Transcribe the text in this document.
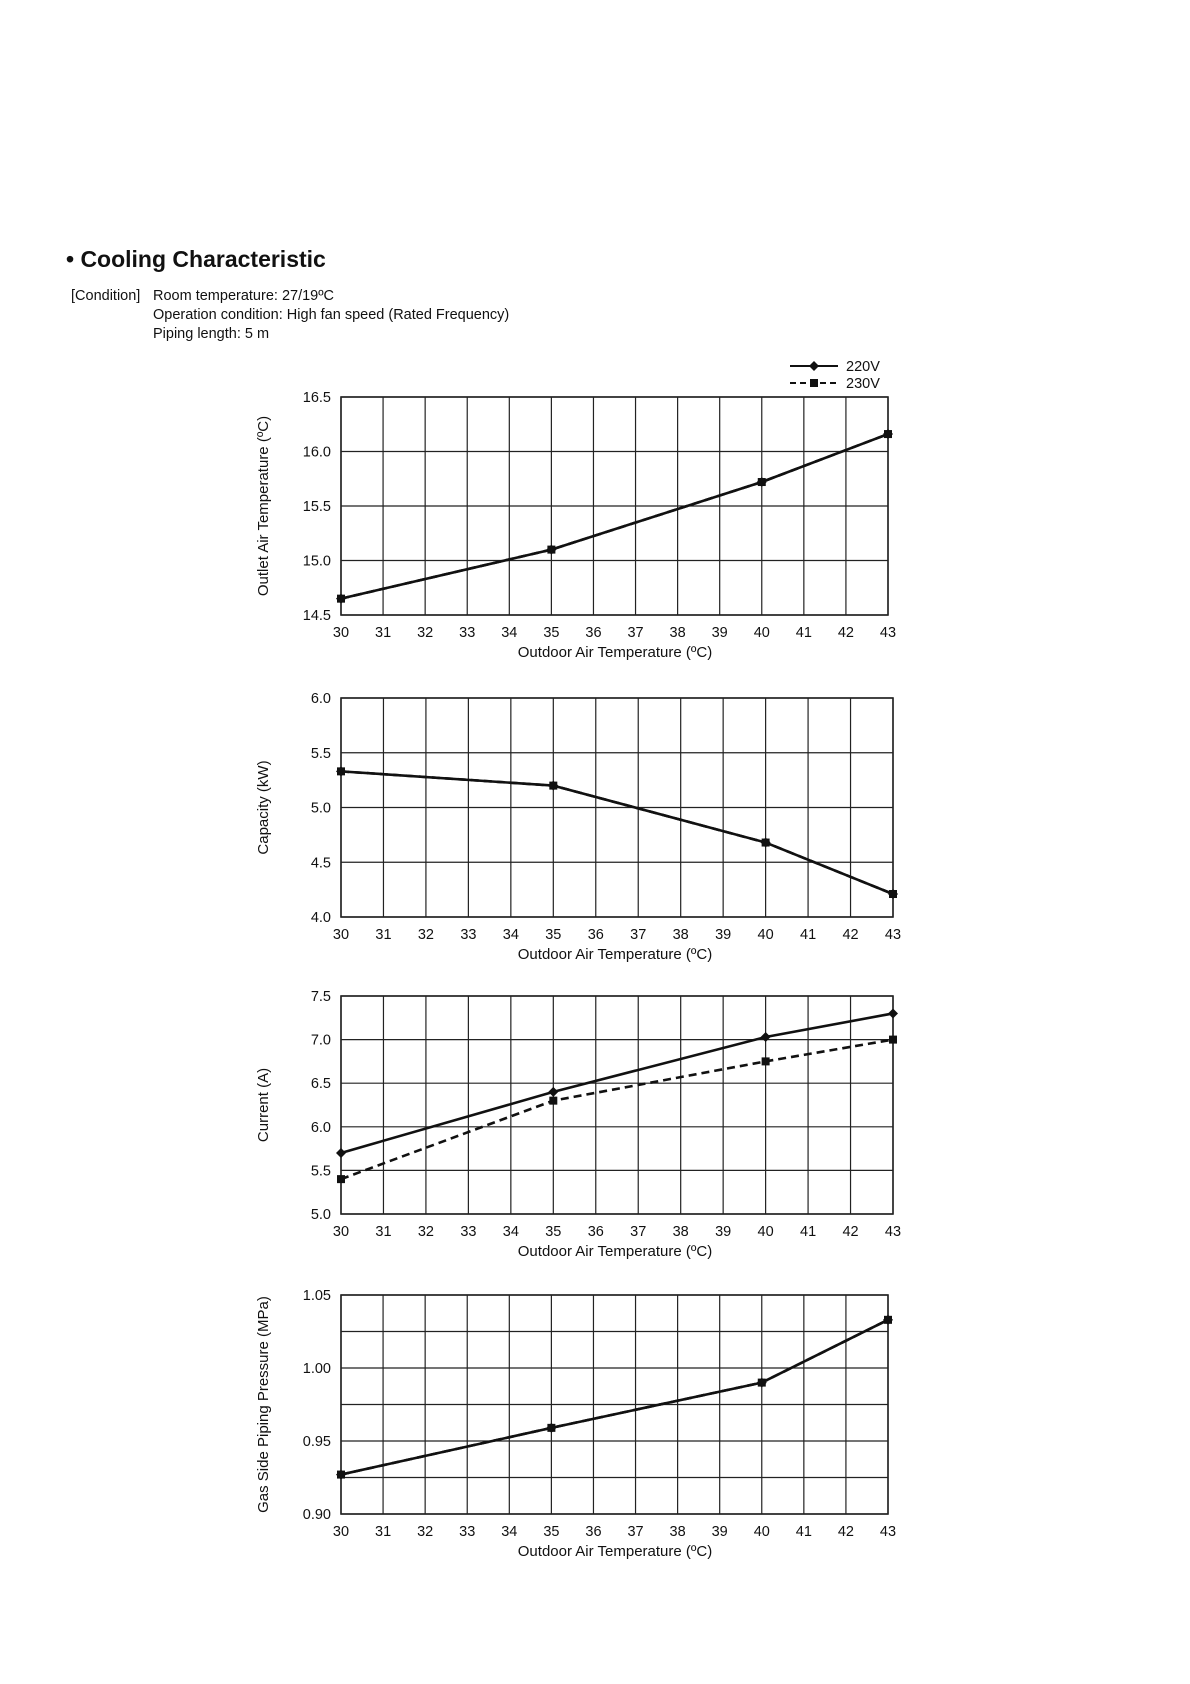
• Cooling Characteristic
[Condition] Room temperature: 27/19ºC
Operation condition: High fan speed (Rated Frequency)
Piping length: 5 m
220V
230V
30 31 32 33 34 35 36 37 38 39 40 41 42 43
14.5
15.0
15.5
16.0
16.5
Outdoor Air Temperature (ºC)
Outlet Air Temperature (ºC)
30 31 32 33 34 35 36 37 38 39 40 41 42 43
4.0
4.5
5.0
5.5
6.0
Outdoor Air Temperature (ºC)
Capacity (kW)
30 31 32 33 34 35 36 37 38 39 40 41 42 43
5.0
5.5
6.0
6.5
7.0
7.5
Outdoor Air Temperature (ºC)
Current (A)
30 31 32 33 34 35 36 37 38 39 40 41 42 43
0.90
0.95
1.00
1.05
Outdoor Air Temperature (ºC)
Gas Side Piping Pressure (MPa)
